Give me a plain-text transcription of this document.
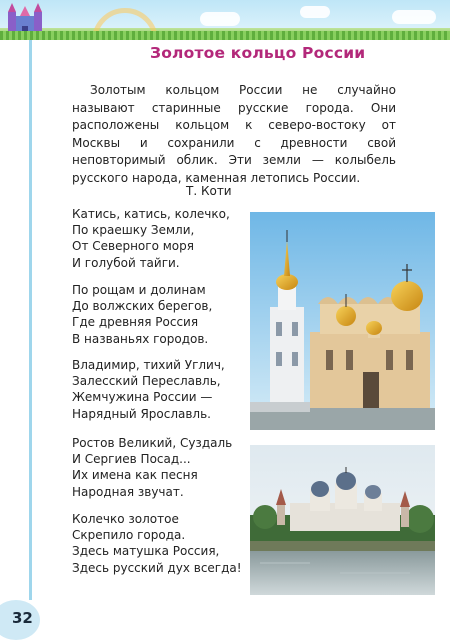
32
Золотое кольцо России

Золотым кольцом России не случайно называют старинные русские города. Они расположены кольцом к северо-востоку от Москвы и сохранили с древности свой неповторимый облик. Эти земли — колыбель русского народа, каменная летопись России.

Т. Коти
Катись, катись, колечко,
По краешку Земли,
От Северного моря
И голубой тайги.
По рощам и долинам
До волжских берегов,
Где древняя Россия
В названьях городов.
Владимир, тихий Углич,
Залесский Переславль,
Жемчужина России —
Нарядный Ярославль.
Ростов Великий, Суздаль
И Сергиев Посад...
Их имена как песня
Народная звучат.
Колечко золотое
Скрепило города.
Здесь матушка Россия,
Здесь русский дух всегда!
